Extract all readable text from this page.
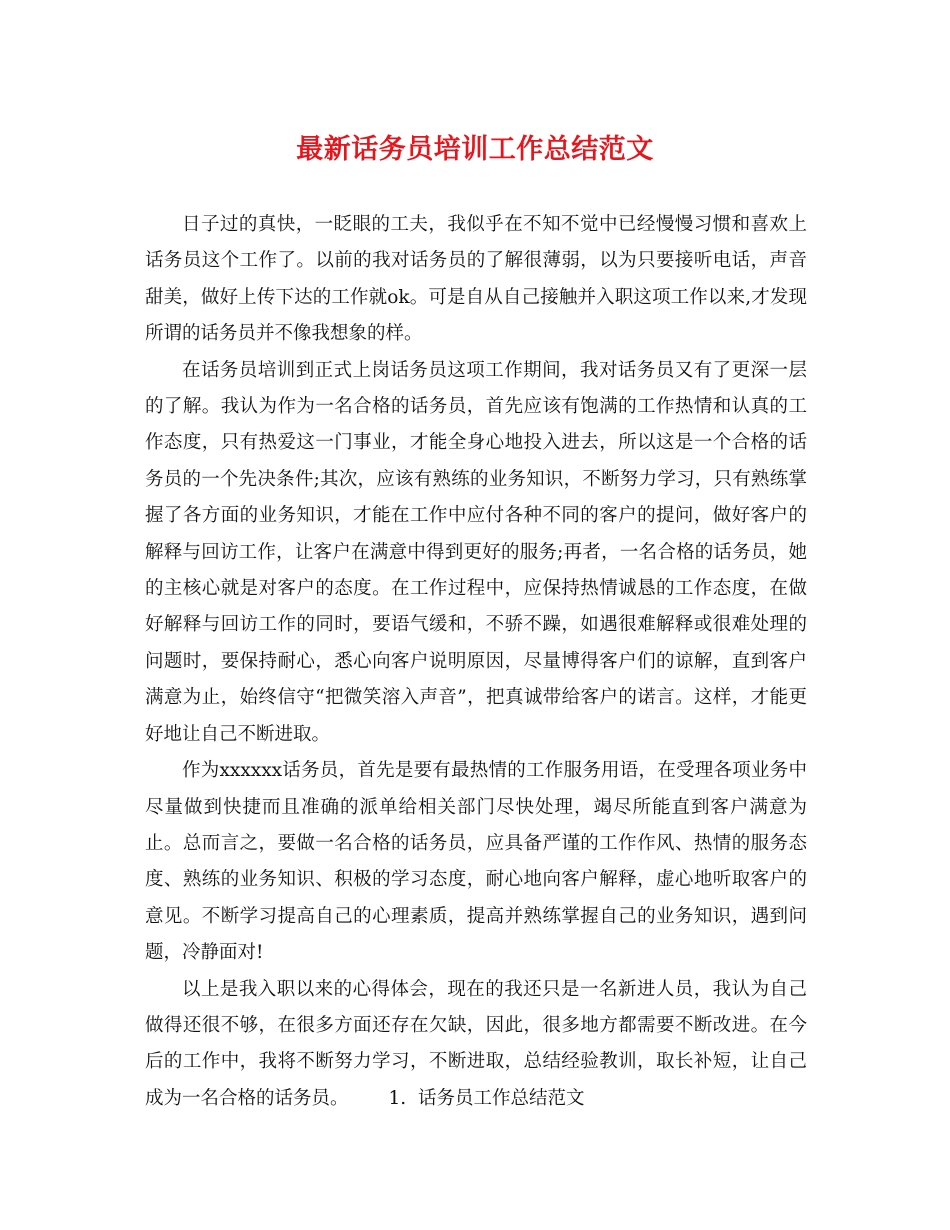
最新话务员培训工作总结范文

日子过的真快，一眨眼的工夫，我似乎在不知不觉中已经慢慢习惯和喜欢上话务员这个工作了。以前的我对话务员的了解很薄弱，以为只要接听电话，声音甜美，做好上传下达的工作就ok。可是自从自己接触并入职这项工作以来,才发现所谓的话务员并不像我想象的样。

在话务员培训到正式上岗话务员这项工作期间，我对话务员又有了更深一层的了解。我认为作为一名合格的话务员，首先应该有饱满的工作热情和认真的工作态度，只有热爱这一门事业，才能全身心地投入进去，所以这是一个合格的话务员的一个先决条件;其次，应该有熟练的业务知识，不断努力学习，只有熟练掌握了各方面的业务知识，才能在工作中应付各种不同的客户的提问，做好客户的解释与回访工作，让客户在满意中得到更好的服务;再者，一名合格的话务员，她的主核心就是对客户的态度。在工作过程中，应保持热情诚恳的工作态度，在做好解释与回访工作的同时，要语气缓和，不骄不躁，如遇很难解释或很难处理的问题时，要保持耐心，悉心向客户说明原因，尽量博得客户们的谅解，直到客户满意为止，始终信守“把微笑溶入声音”，把真诚带给客户的诺言。这样，才能更好地让自己不断进取。

作为xxxxxx话务员，首先是要有最热情的工作服务用语，在受理各项业务中尽量做到快捷而且准确的派单给相关部门尽快处理，竭尽所能直到客户满意为止。总而言之，要做一名合格的话务员，应具备严谨的工作作风、热情的服务态度、熟练的业务知识、积极的学习态度，耐心地向客户解释，虚心地听取客户的意见。不断学习提高自己的心理素质，提高并熟练掌握自己的业务知识，遇到问题，冷静面对!

以上是我入职以来的心得体会，现在的我还只是一名新进人员，我认为自己做得还很不够，在很多方面还存在欠缺，因此，很多地方都需要不断改进。在今后的工作中，我将不断努力学习，不断进取，总结经验教训，取长补短，让自己成为一名合格的话务员。 1. 话务员工作总结范文
